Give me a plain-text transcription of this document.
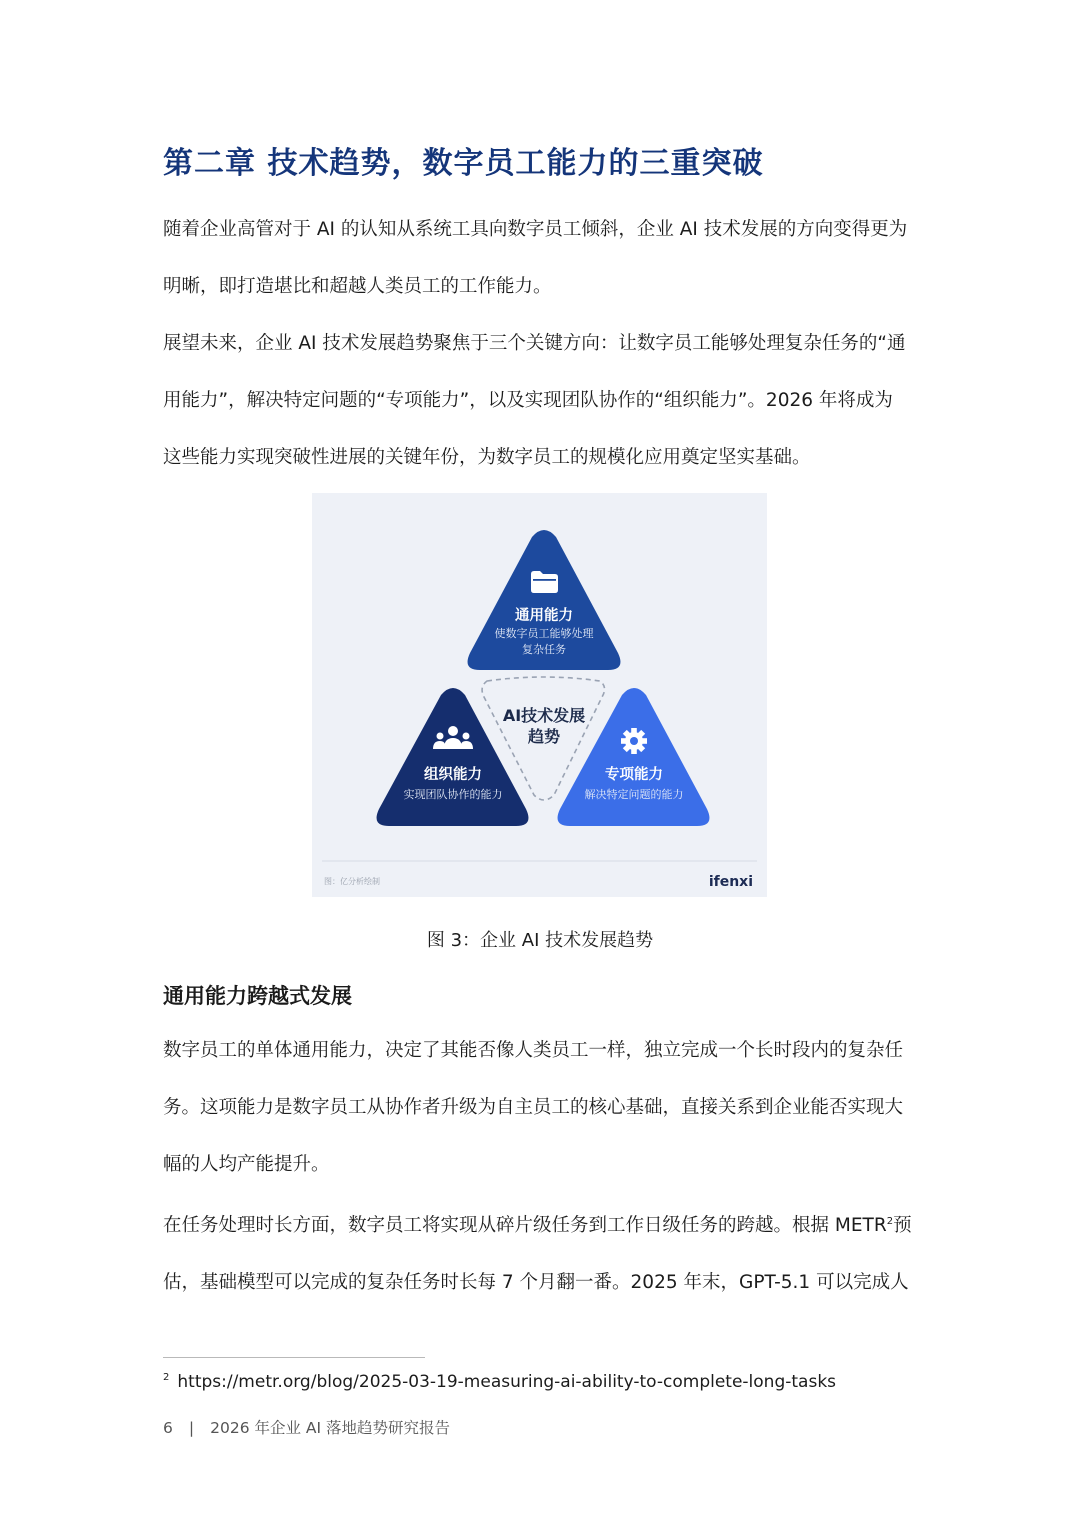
第二章 技术趋势，数字员工能力的三重突破
随着企业高管对于 AI 的认知从系统工具向数字员工倾斜，企业 AI 技术发展的方向变得更为
明晰，即打造堪比和超越人类员工的工作能力。
展望未来，企业 AI 技术发展趋势聚焦于三个关键方向：让数字员工能够处理复杂任务的“通
用能力”，解决特定问题的“专项能力”，以及实现团队协作的“组织能力”。2026 年将成为
这些能力实现突破性进展的关键年份，为数字员工的规模化应用奠定坚实基础。
AI技术发展
趋势
通用能力
使数字员工能够处理
复杂任务
组织能力
实现团队协作的能力
专项能力
解决特定问题的能力
图：亿分析绘制	ifenxi
图 3：企业 AI 技术发展趋势
通用能力跨越式发展
数字员工的单体通用能力，决定了其能否像人类员工一样，独立完成一个长时段内的复杂任
务。这项能力是数字员工从协作者升级为自主员工的核心基础，直接关系到企业能否实现大
幅的人均产能提升。
在任务处理时长方面，数字员工将实现从碎片级任务到工作日级任务的跨越。根据 METR$^2$预
估，基础模型可以完成的复杂任务时长每 7 个月翻一番。2025 年末，GPT-5.1 可以完成人
$^2$ https://metr.org/blog/2025-03-19-measuring-ai-ability-to-complete-long-tasks
6 | 2026 年企业 AI 落地趋势研究报告
